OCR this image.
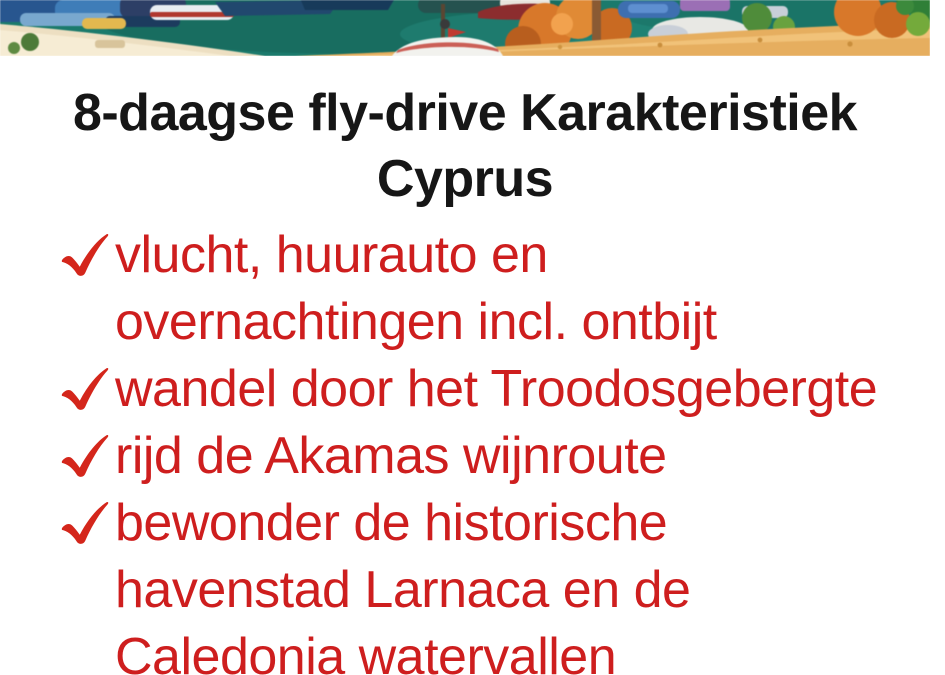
8-daagse fly-drive Karakteristiek
Cyprus
vlucht, huurauto en
overnachtingen incl. ontbijt
wandel door het Troodosgebergte
rijd de Akamas wijnroute
bewonder de historische
havenstad Larnaca en de
Caledonia watervallen
